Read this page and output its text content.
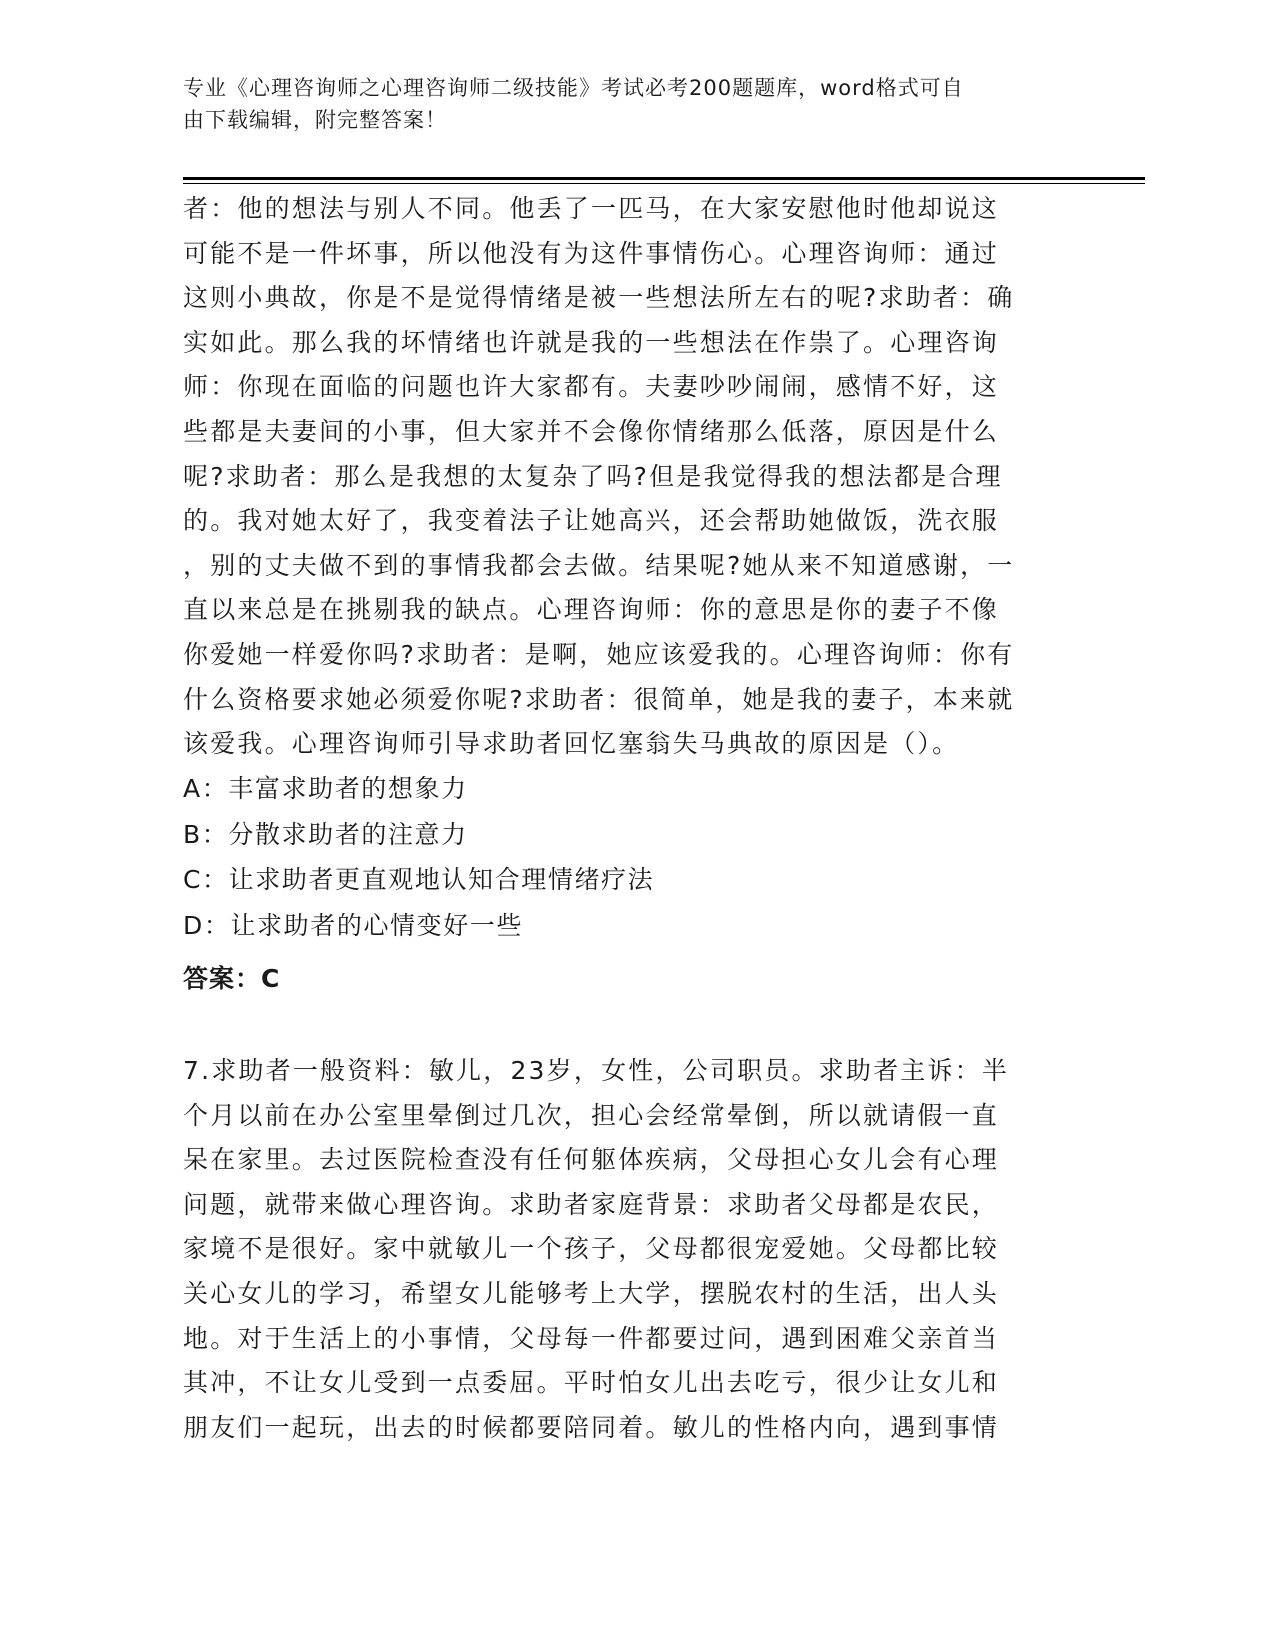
专业《心理咨询师之心理咨询师二级技能》考试必考200题题库，word格式可自
由下载编辑，附完整答案！
者：他的想法与别人不同。他丢了一匹马，在大家安慰他时他却说这
可能不是一件坏事，所以他没有为这件事情伤心。心理咨询师：通过
这则小典故，你是不是觉得情绪是被一些想法所左右的呢?求助者：确
实如此。那么我的坏情绪也许就是我的一些想法在作祟了。心理咨询
师：你现在面临的问题也许大家都有。夫妻吵吵闹闹，感情不好，这
些都是夫妻间的小事，但大家并不会像你情绪那么低落，原因是什么
呢?求助者：那么是我想的太复杂了吗?但是我觉得我的想法都是合理
的。我对她太好了，我变着法子让她高兴，还会帮助她做饭，洗衣服
，别的丈夫做不到的事情我都会去做。结果呢?她从来不知道感谢，一
直以来总是在挑剔我的缺点。心理咨询师：你的意思是你的妻子不像
你爱她一样爱你吗?求助者：是啊，她应该爱我的。心理咨询师：你有
什么资格要求她必须爱你呢?求助者：很简单，她是我的妻子，本来就
该爱我。心理咨询师引导求助者回忆塞翁失马典故的原因是（）。
A：丰富求助者的想象力
B：分散求助者的注意力
C：让求助者更直观地认知合理情绪疗法
D：让求助者的心情变好一些
答案：C
7.求助者一般资料：敏儿，23岁，女性，公司职员。求助者主诉：半
个月以前在办公室里晕倒过几次，担心会经常晕倒，所以就请假一直
呆在家里。去过医院检查没有任何躯体疾病，父母担心女儿会有心理
问题，就带来做心理咨询。求助者家庭背景：求助者父母都是农民，
家境不是很好。家中就敏儿一个孩子，父母都很宠爱她。父母都比较
关心女儿的学习，希望女儿能够考上大学，摆脱农村的生活，出人头
地。对于生活上的小事情，父母每一件都要过问，遇到困难父亲首当
其冲，不让女儿受到一点委屈。平时怕女儿出去吃亏，很少让女儿和
朋友们一起玩，出去的时候都要陪同着。敏儿的性格内向，遇到事情
